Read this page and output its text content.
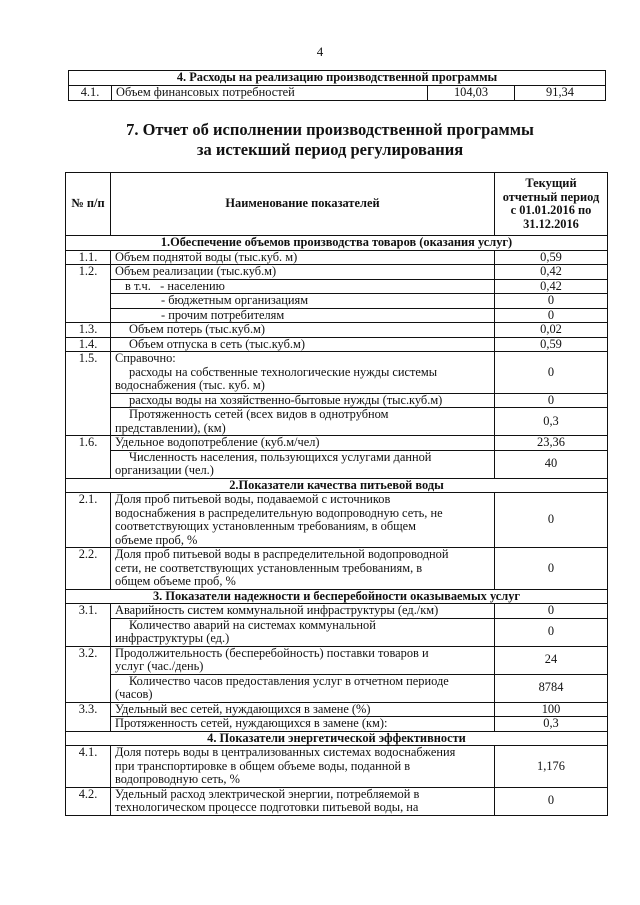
4
4. Расходы на реализацию производственной программы
4.1.	Объем финансовых потребностей	104,03	91,34
7. Отчет об исполнении производственной программы
за истекший период регулирования
№ п/п	Наименование показателей	Текущий
отчетный период
с 01.01.2016 по
31.12.2016

1.Обеспечение объемов производства товаров (оказания услуг)		
1.1.	Объем поднятой воды (тыс.куб. м)	0,59
1.2.	Объем реализации (тыс.куб.м)	0,42
	в т.ч.   - населению	0,42
	- бюджетным организациям	0
	- прочим потребителям	0
1.3.	Объем потерь (тыс.куб.м)	0,02
1.4.	Объем отпуска в сеть (тыс.куб.м)	0,59
1.5.	Справочно:
расходы на собственные технологические нужды системы
водоснабжения (тыс. куб. м)	0
	расходы воды на хозяйственно-бытовые нужды (тыс.куб.м)	0

	Протяженность сетей (всех видов в однотрубном
представлении), (км)	0,3
1.6.	Удельное водопотребление (куб.м/чел)	23,36

	Численность населения, пользующихся услугами данной
организации (чел.)	40
2.Показатели качества питьевой воды		
2.1.	Доля проб питьевой воды, подаваемой с источников
водоснабжения в распределительную водопроводную сеть, не
соответствующих установленным требованиям, в общем
объеме проб, %	0
2.2.	Доля проб питьевой воды в распределительной водопроводной
сети, не соответствующих установленным требованиям, в
общем объеме проб, %	0
3. Показатели надежности и бесперебойности оказываемых услуг		
3.1.	Аварийность систем коммунальной инфраструктуры (ед./км)	0

	Количество аварий на системах коммунальной
инфраструктуры (ед.)	0
3.2.	Продолжительность (бесперебойность) поставки товаров и
услуг (час./день)	24

	Количество часов предоставления услуг в отчетном периоде
(часов)	8784
3.3.	Удельный вес сетей, нуждающихся в замене (%)	100
	Протяженность сетей, нуждающихся в замене (км):	0,3
4. Показатели энергетической эффективности		
4.1.	Доля потерь воды в централизованных системах водоснабжения
при транспортировке в общем объеме воды, поданной в
водопроводную сеть, %	1,176
4.2.	Удельный расход электрической энергии, потребляемой в
технологическом процессе подготовки питьевой воды, на	0
